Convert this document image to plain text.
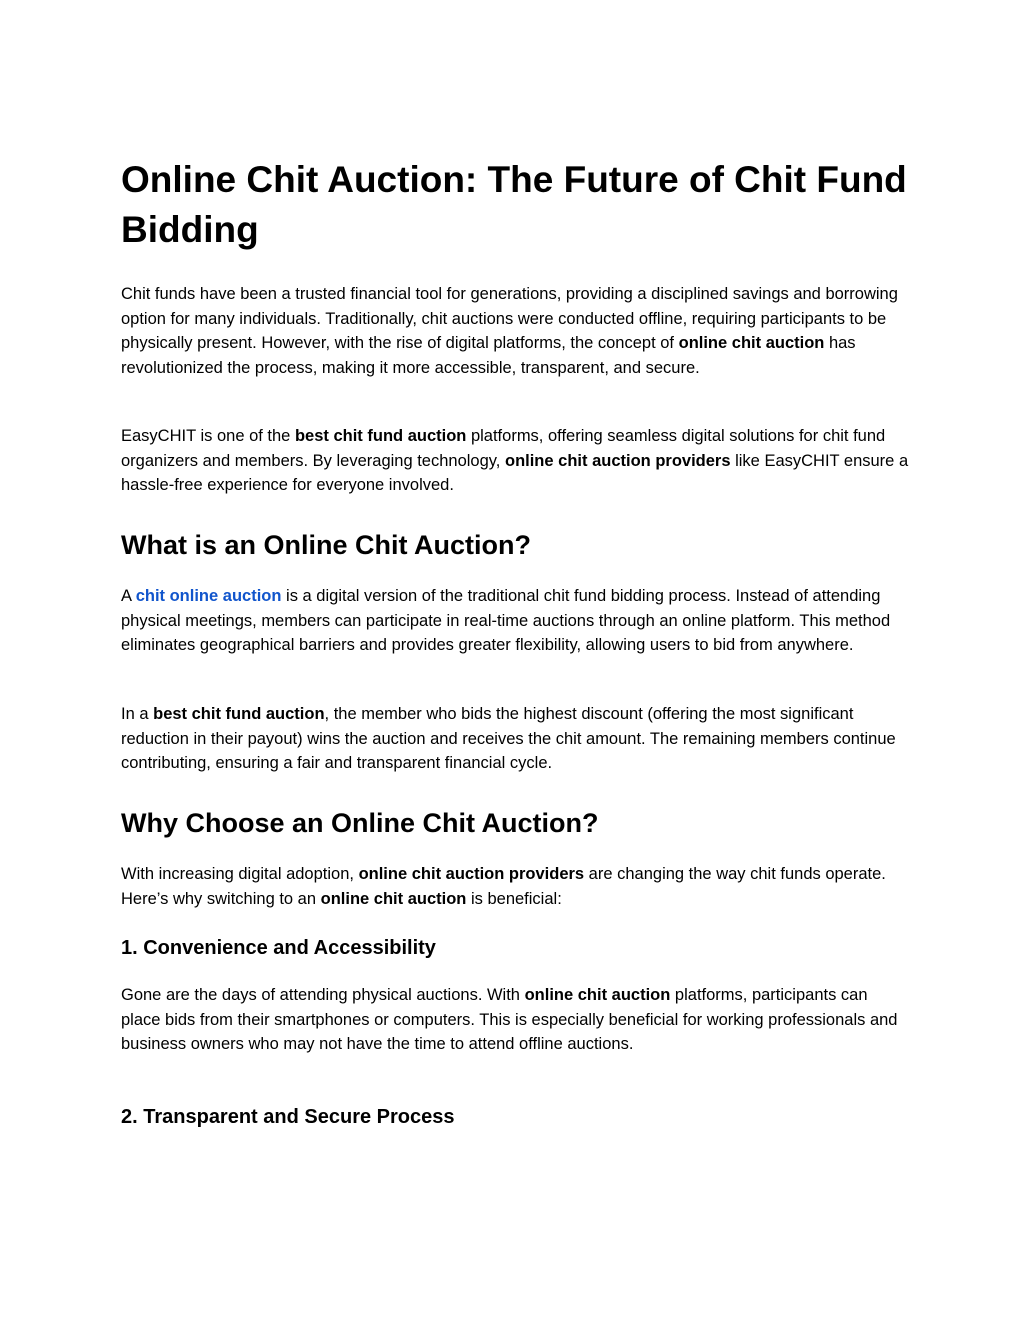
Online Chit Auction: The Future of Chit Fund Bidding

Chit funds have been a trusted financial tool for generations, providing a disciplined savings and borrowing option for many individuals. Traditionally, chit auctions were conducted offline, requiring participants to be physically present. However, with the rise of digital platforms, the concept of online chit auction has revolutionized the process, making it more accessible, transparent, and secure.

EasyCHIT is one of the best chit fund auction platforms, offering seamless digital solutions for chit fund organizers and members. By leveraging technology, online chit auction providers like EasyCHIT ensure a hassle-free experience for everyone involved.

What is an Online Chit Auction?

A chit online auction is a digital version of the traditional chit fund bidding process. Instead of attending physical meetings, members can participate in real-time auctions through an online platform. This method eliminates geographical barriers and provides greater flexibility, allowing users to bid from anywhere.

In a best chit fund auction, the member who bids the highest discount (offering the most significant reduction in their payout) wins the auction and receives the chit amount. The remaining members continue contributing, ensuring a fair and transparent financial cycle.

Why Choose an Online Chit Auction?

With increasing digital adoption, online chit auction providers are changing the way chit funds operate. Here’s why switching to an online chit auction is beneficial:

1. Convenience and Accessibility

Gone are the days of attending physical auctions. With online chit auction platforms, participants can place bids from their smartphones or computers. This is especially beneficial for working professionals and business owners who may not have the time to attend offline auctions.

2. Transparent and Secure Process
